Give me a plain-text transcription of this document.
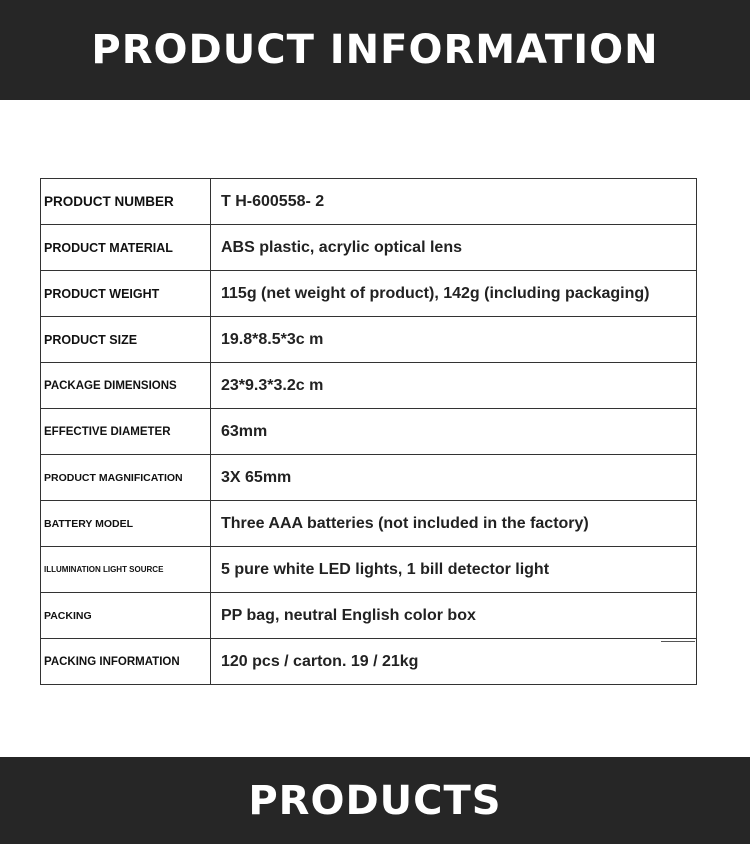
PRODUCT INFORMATION
PRODUCT NUMBER	T H-600558- 2
PRODUCT MATERIAL	ABS plastic, acrylic optical lens
PRODUCT WEIGHT	115g (net weight of product), 142g (including packaging)
PRODUCT SIZE	19.8*8.5*3c m
PACKAGE DIMENSIONS	23*9.3*3.2c m
EFFECTIVE DIAMETER	63mm
PRODUCT MAGNIFICATION	3X 65mm
BATTERY MODEL	Three AAA batteries (not included in the factory)
ILLUMINATION LIGHT SOURCE	5 pure white LED lights, 1 bill detector light
PACKING	PP bag, neutral English color box
PACKING INFORMATION	120 pcs / carton. 19 / 21kg
PRODUCTS
